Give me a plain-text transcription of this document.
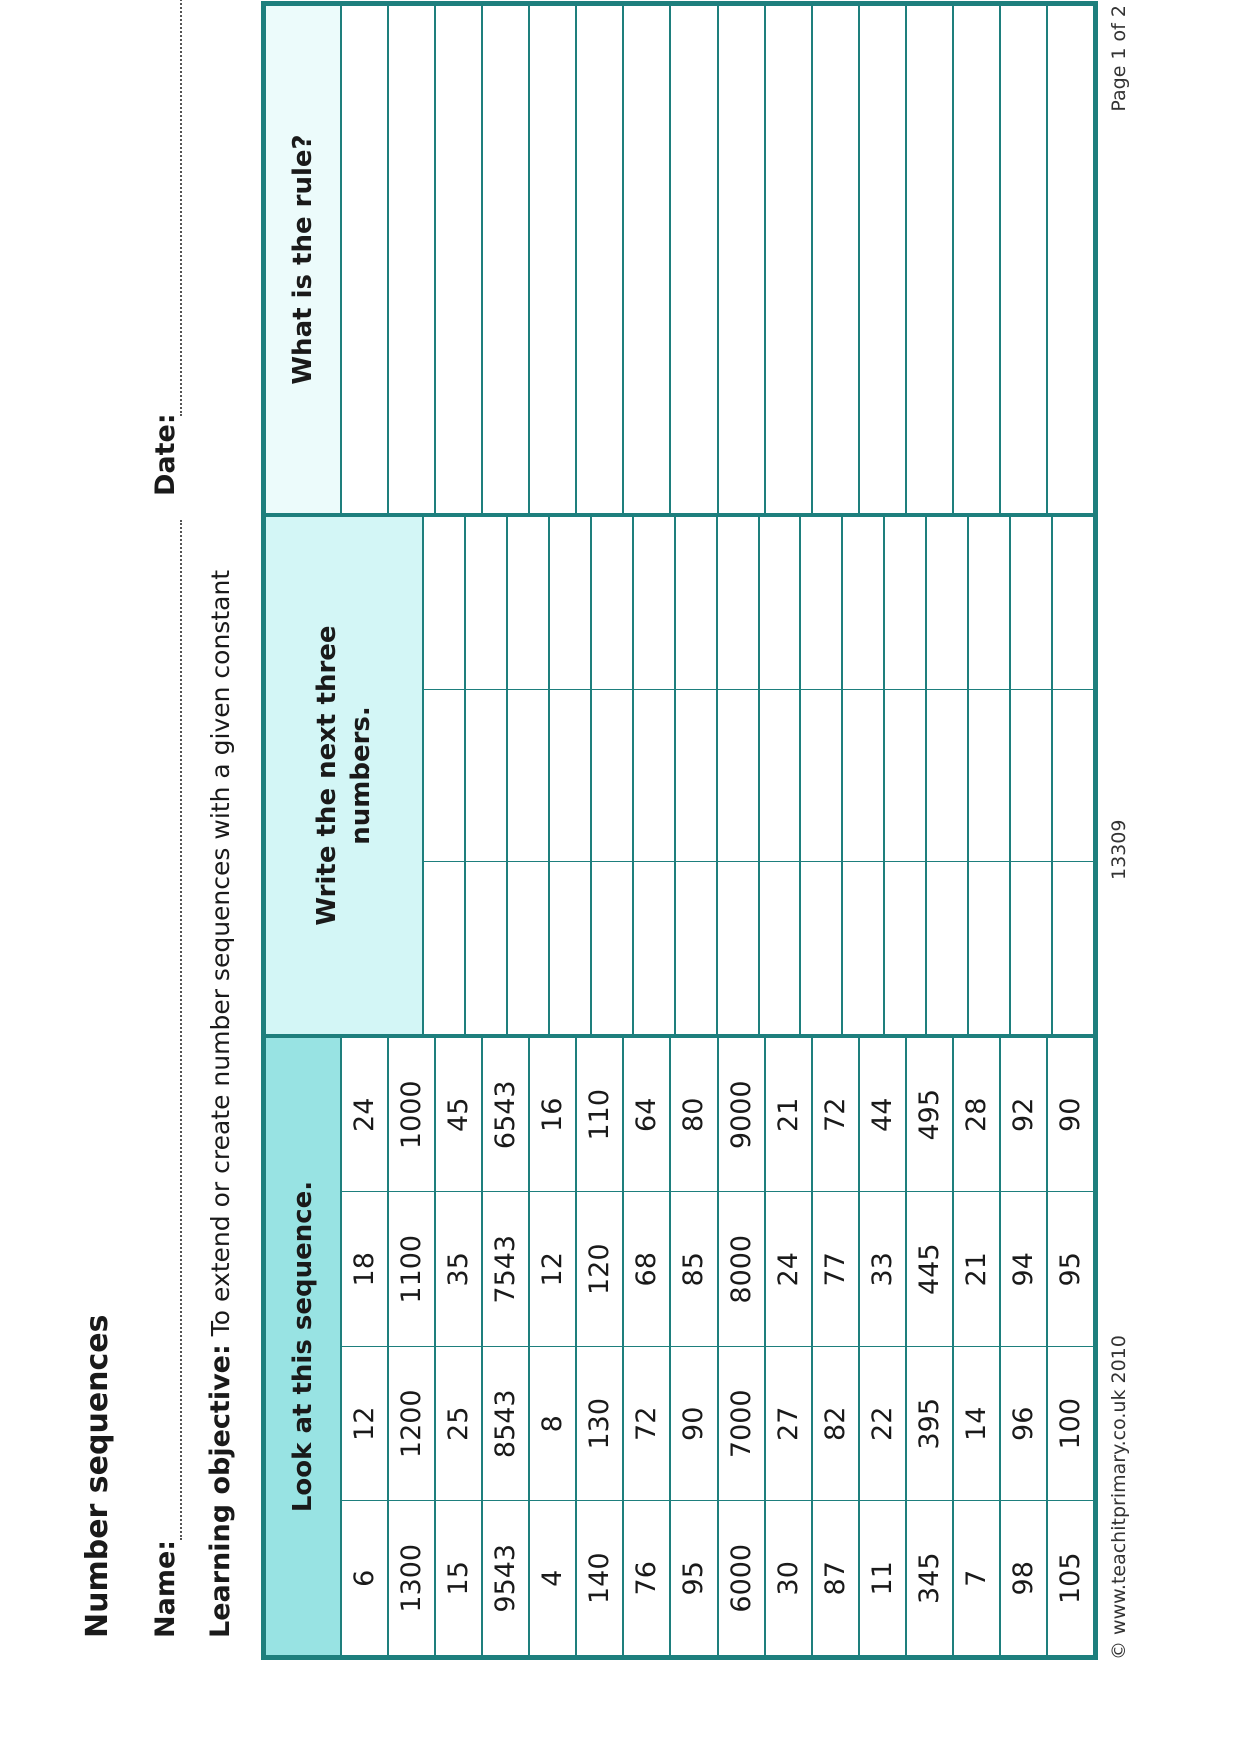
Number sequences Name:
Date:
Learning objective: To extend or create number sequences with a given constant
Look at this sequence.
6
12
18
24
1300
1200
1100
1000
15
25
35
45
9543
8543
7543
6543
4
8
12
16
140
130
120
110
76
72
68
64
95
90
85
80
6000
7000
8000
9000
30
27
24
21
87
82
77
72
11
22
33
44
345
395
445
495
7
14
21
28
98
96
94
92
105
100
95
90
Write the next three numbers.
What is the rule?
© www.teachitprimary.co.uk 2010
13309
Page 1 of 2
